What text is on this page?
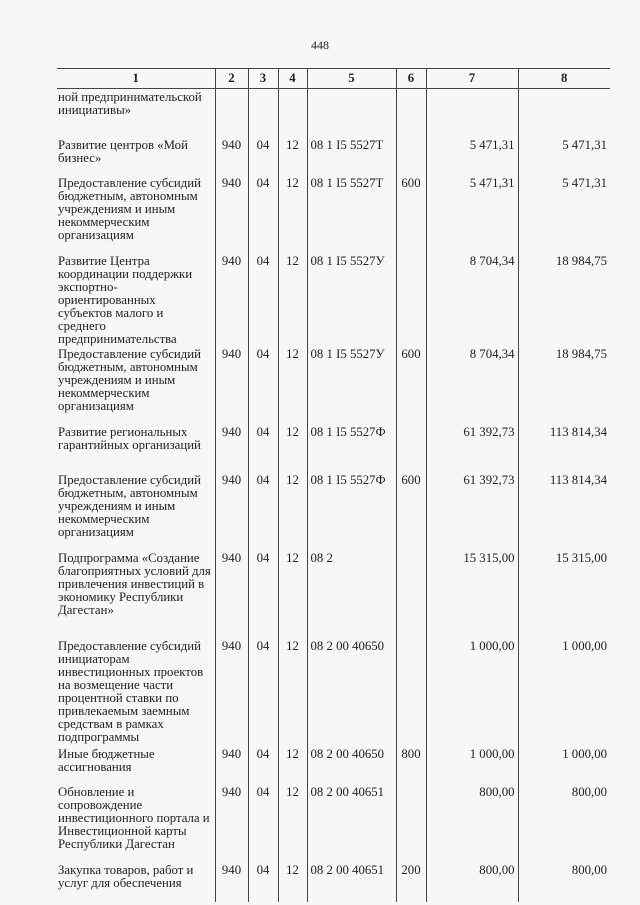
448
1	2	3	4	5	6	7	8
ной предпринимательской инициативы»							
Развитие центров «Мой бизнес»	940	04	12	08 1 I5 5527Т		5 471,31	5 471,31
Предоставление субсидий бюджетным, автономным учреждениям и иным некоммерческим организациям	940	04	12	08 1 I5 5527Т	600	5 471,31	5 471,31
Развитие Центра координации поддержки экспортно-ориентированных субъектов малого и среднего предпринимательства	940	04	12	08 1 I5 5527У		8 704,34	18 984,75
Предоставление субсидий бюджетным, автономным учреждениям и иным некоммерческим организациям	940	04	12	08 1 I5 5527У	600	8 704,34	18 984,75
Развитие региональных гарантийных организаций	940	04	12	08 1 I5 5527Ф		61 392,73	113 814,34
Предоставление субсидий бюджетным, автономным учреждениям и иным некоммерческим организациям	940	04	12	08 1 I5 5527Ф	600	61 392,73	113 814,34
Подпрограмма «Создание благоприятных условий для привлечения инвестиций в экономику Республики Дагестан»	940	04	12	08 2		15 315,00	15 315,00
Предоставление субсидий инициаторам инвестиционных проектов на возмещение части процентной ставки по привлекаемым заемным средствам в рамках подпрограммы	940	04	12	08 2 00 40650		1 000,00	1 000,00
Иные бюджетные ассигнования	940	04	12	08 2 00 40650	800	1 000,00	1 000,00
Обновление и сопровождение инвестиционного портала и Инвестиционной карты Республики Дагестан	940	04	12	08 2 00 40651		800,00	800,00
Закупка товаров, работ и услуг для обеспечения	940	04	12	08 2 00 40651	200	800,00	800,00
